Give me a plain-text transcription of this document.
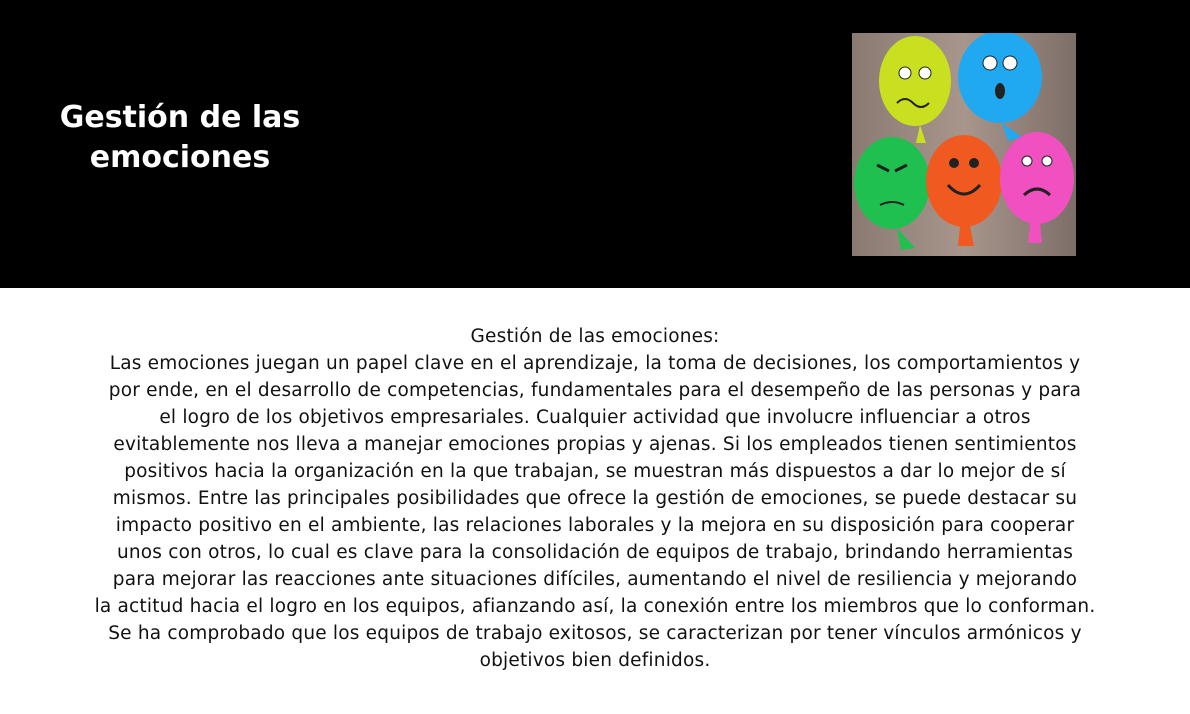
Gestión de las
emociones
Gestión de las emociones:
Las emociones juegan un papel clave en el aprendizaje, la toma de decisiones, los comportamientos y
por ende, en el desarrollo de competencias, fundamentales para el desempeño de las personas y para
el logro de los objetivos empresariales. Cualquier actividad que involucre influenciar a otros
evitablemente nos lleva a manejar emociones propias y ajenas. Si los empleados tienen sentimientos
positivos hacia la organización en la que trabajan, se muestran más dispuestos a dar lo mejor de sí
mismos. Entre las principales posibilidades que ofrece la gestión de emociones, se puede destacar su
impacto positivo en el ambiente, las relaciones laborales y la mejora en su disposición para cooperar
unos con otros, lo cual es clave para la consolidación de equipos de trabajo, brindando herramientas
para mejorar las reacciones ante situaciones difíciles, aumentando el nivel de resiliencia y mejorando
la actitud hacia el logro en los equipos, afianzando así, la conexión entre los miembros que lo conforman.
Se ha comprobado que los equipos de trabajo exitosos, se caracterizan por tener vínculos armónicos y
objetivos bien definidos.
